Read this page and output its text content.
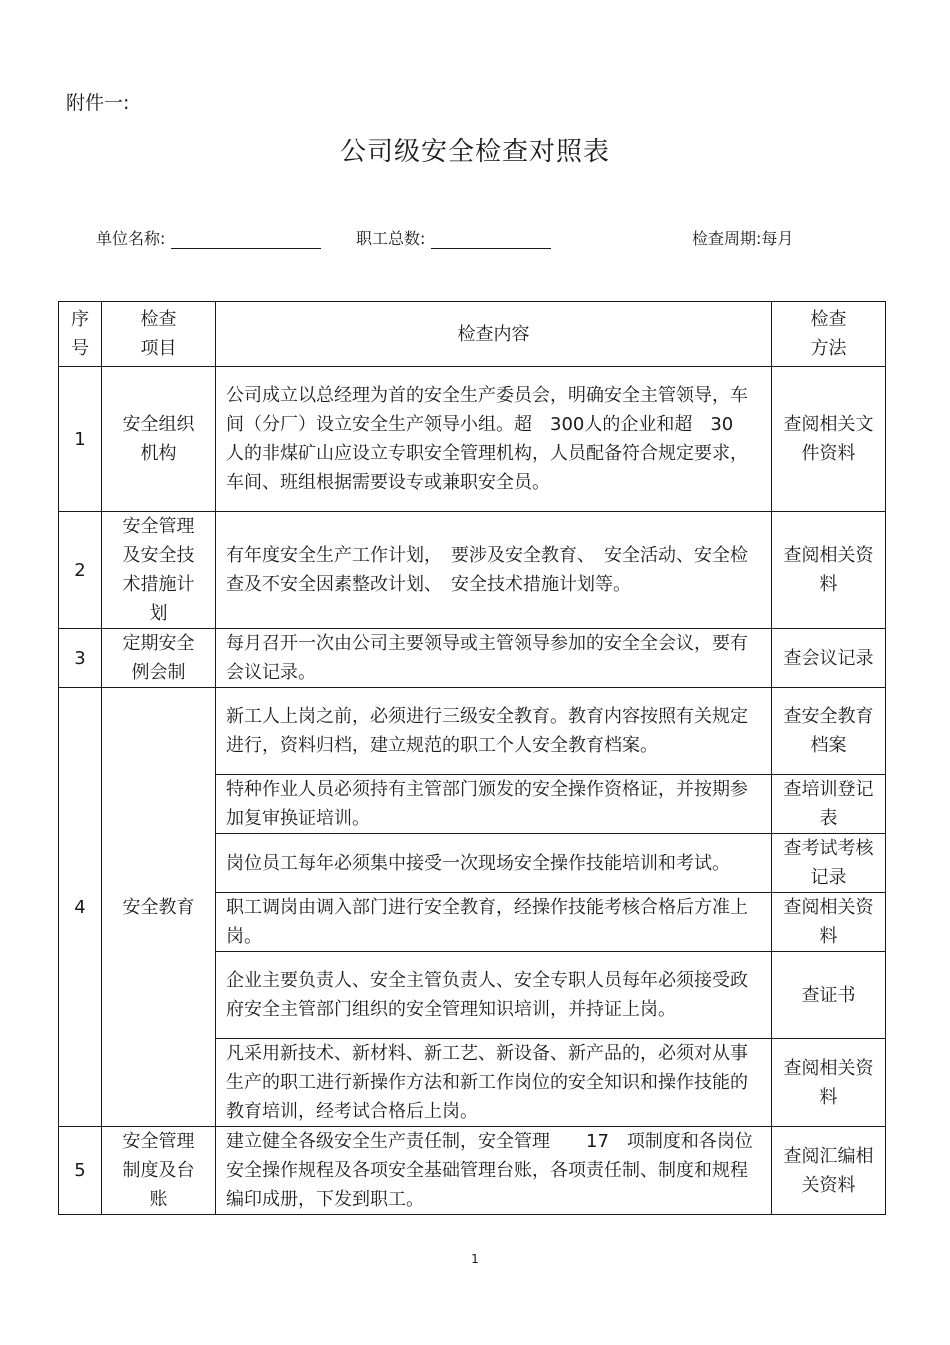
附件一:
公司级安全检查对照表
单位名称:	职工总数:	检查周期:每月
序号	检查项目	检查内容	检查方法
1	安全组织机构	公司成立以总经理为首的安全生产委员会，明确安全主管领导，车间（分厂）设立安全生产领导小组。超　300人的企业和超　30　人的非煤矿山应设立专职安全管理机构，人员配备符合规定要求，车间、班组根据需要设专或兼职安全员。	查阅相关文件资料
2	安全管理及安全技术措施计划	有年度安全生产工作计划，　要涉及安全教育、　安全活动、安全检查及不安全因素整改计划、　安全技术措施计划等。	查阅相关资料
3	定期安全例会制	每月召开一次由公司主要领导或主管领导参加的安全全会议，要有会议记录。	查会议记录
4	安全教育	新工人上岗之前，必须进行三级安全教育。教育内容按照有关规定进行，资料归档，建立规范的职工个人安全教育档案。	查安全教育档案
		特种作业人员必须持有主管部门颁发的安全操作资格证，并按期参加复审换证培训。	查培训登记表
		岗位员工每年必须集中接受一次现场安全操作技能培训和考试。	查考试考核记录
		职工调岗由调入部门进行安全教育，经操作技能考核合格后方准上岗。	查阅相关资料
		企业主要负责人、安全主管负责人、安全专职人员每年必须接受政府安全主管部门组织的安全管理知识培训，并持证上岗。	查证书
		凡采用新技术、新材料、新工艺、新设备、新产品的，必须对从事生产的职工进行新操作方法和新工作岗位的安全知识和操作技能的教育培训，经考试合格后上岗。	查阅相关资料
5	安全管理制度及台账	建立健全各级安全生产责任制，安全管理　　17　项制度和各岗位安全操作规程及各项安全基础管理台账，各项责任制、制度和规程编印成册，下发到职工。	查阅汇编相关资料
1
